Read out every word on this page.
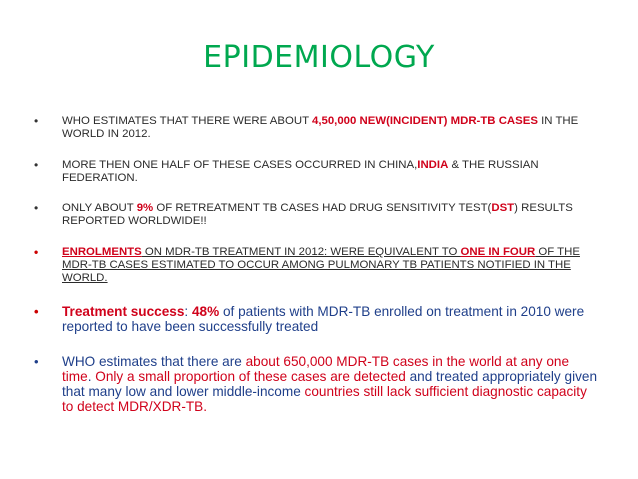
EPIDEMIOLOGY
•	WHO ESTIMATES THAT THERE WERE ABOUT 4,50,000 NEW(INCIDENT) MDR-TB CASES IN THE WORLD IN 2012.
•	MORE THEN ONE HALF OF THESE CASES OCCURRED IN CHINA,INDIA & THE RUSSIAN FEDERATION.
•	ONLY ABOUT 9% OF RETREATMENT TB CASES HAD DRUG SENSITIVITY TEST(DST) RESULTS REPORTED WORLDWIDE!!
•	ENROLMENTS ON MDR-TB TREATMENT IN 2012: WERE EQUIVALENT TO ONE IN FOUR OF THE MDR-TB CASES ESTIMATED TO OCCUR AMONG PULMONARY TB PATIENTS NOTIFIED IN THE WORLD.
•	Treatment success: 48% of patients with MDR-TB enrolled on treatment in 2010 were reported to have been successfully treated
•	WHO estimates that there are about 650,000 MDR-TB cases in the world at any one time. Only a small proportion of these cases are detected and treated appropriately given that many low and lower middle-income countries still lack sufficient diagnostic capacity to detect MDR/XDR-TB.
